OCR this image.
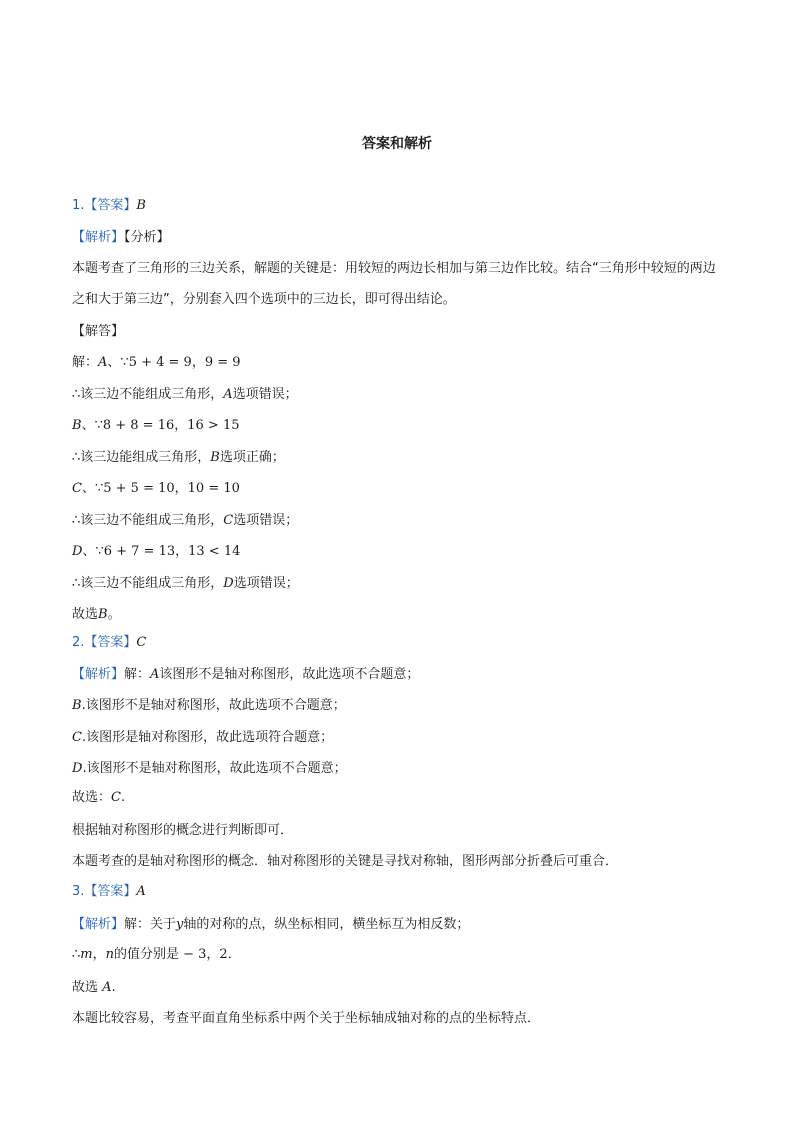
答案和解析
1.【答案】B
【解析】【分析】
本题考查了三角形的三边关系，解题的关键是：用较短的两边长相加与第三边作比较。结合“三角形中较短的两边之和大于第三边”，分别套入四个选项中的三边长，即可得出结论。
【解答】
解：A、∵5 + 4 = 9，9 = 9
∴该三边不能组成三角形，A选项错误；
B、∵8 + 8 = 16，16 > 15
∴该三边能组成三角形，B选项正确；
C、∵5 + 5 = 10，10 = 10
∴该三边不能组成三角形，C选项错误；
D、∵6 + 7 = 13，13 < 14
∴该三边不能组成三角形，D选项错误；
故选B。
2.【答案】C
【解析】解：A该图形不是轴对称图形，故此选项不合题意；
B.该图形不是轴对称图形，故此选项不合题意；
C.该图形是轴对称图形，故此选项符合题意；
D.该图形不是轴对称图形，故此选项不合题意；
故选：C.
根据轴对称图形的概念进行判断即可．
本题考查的是轴对称图形的概念．轴对称图形的关键是寻找对称轴，图形两部分折叠后可重合．
3.【答案】A
【解析】解：关于y轴的对称的点，纵坐标相同，横坐标互为相反数；
∴m，n的值分别是 − 3，2．
故选 A.
本题比较容易，考查平面直角坐标系中两个关于坐标轴成轴对称的点的坐标特点．
